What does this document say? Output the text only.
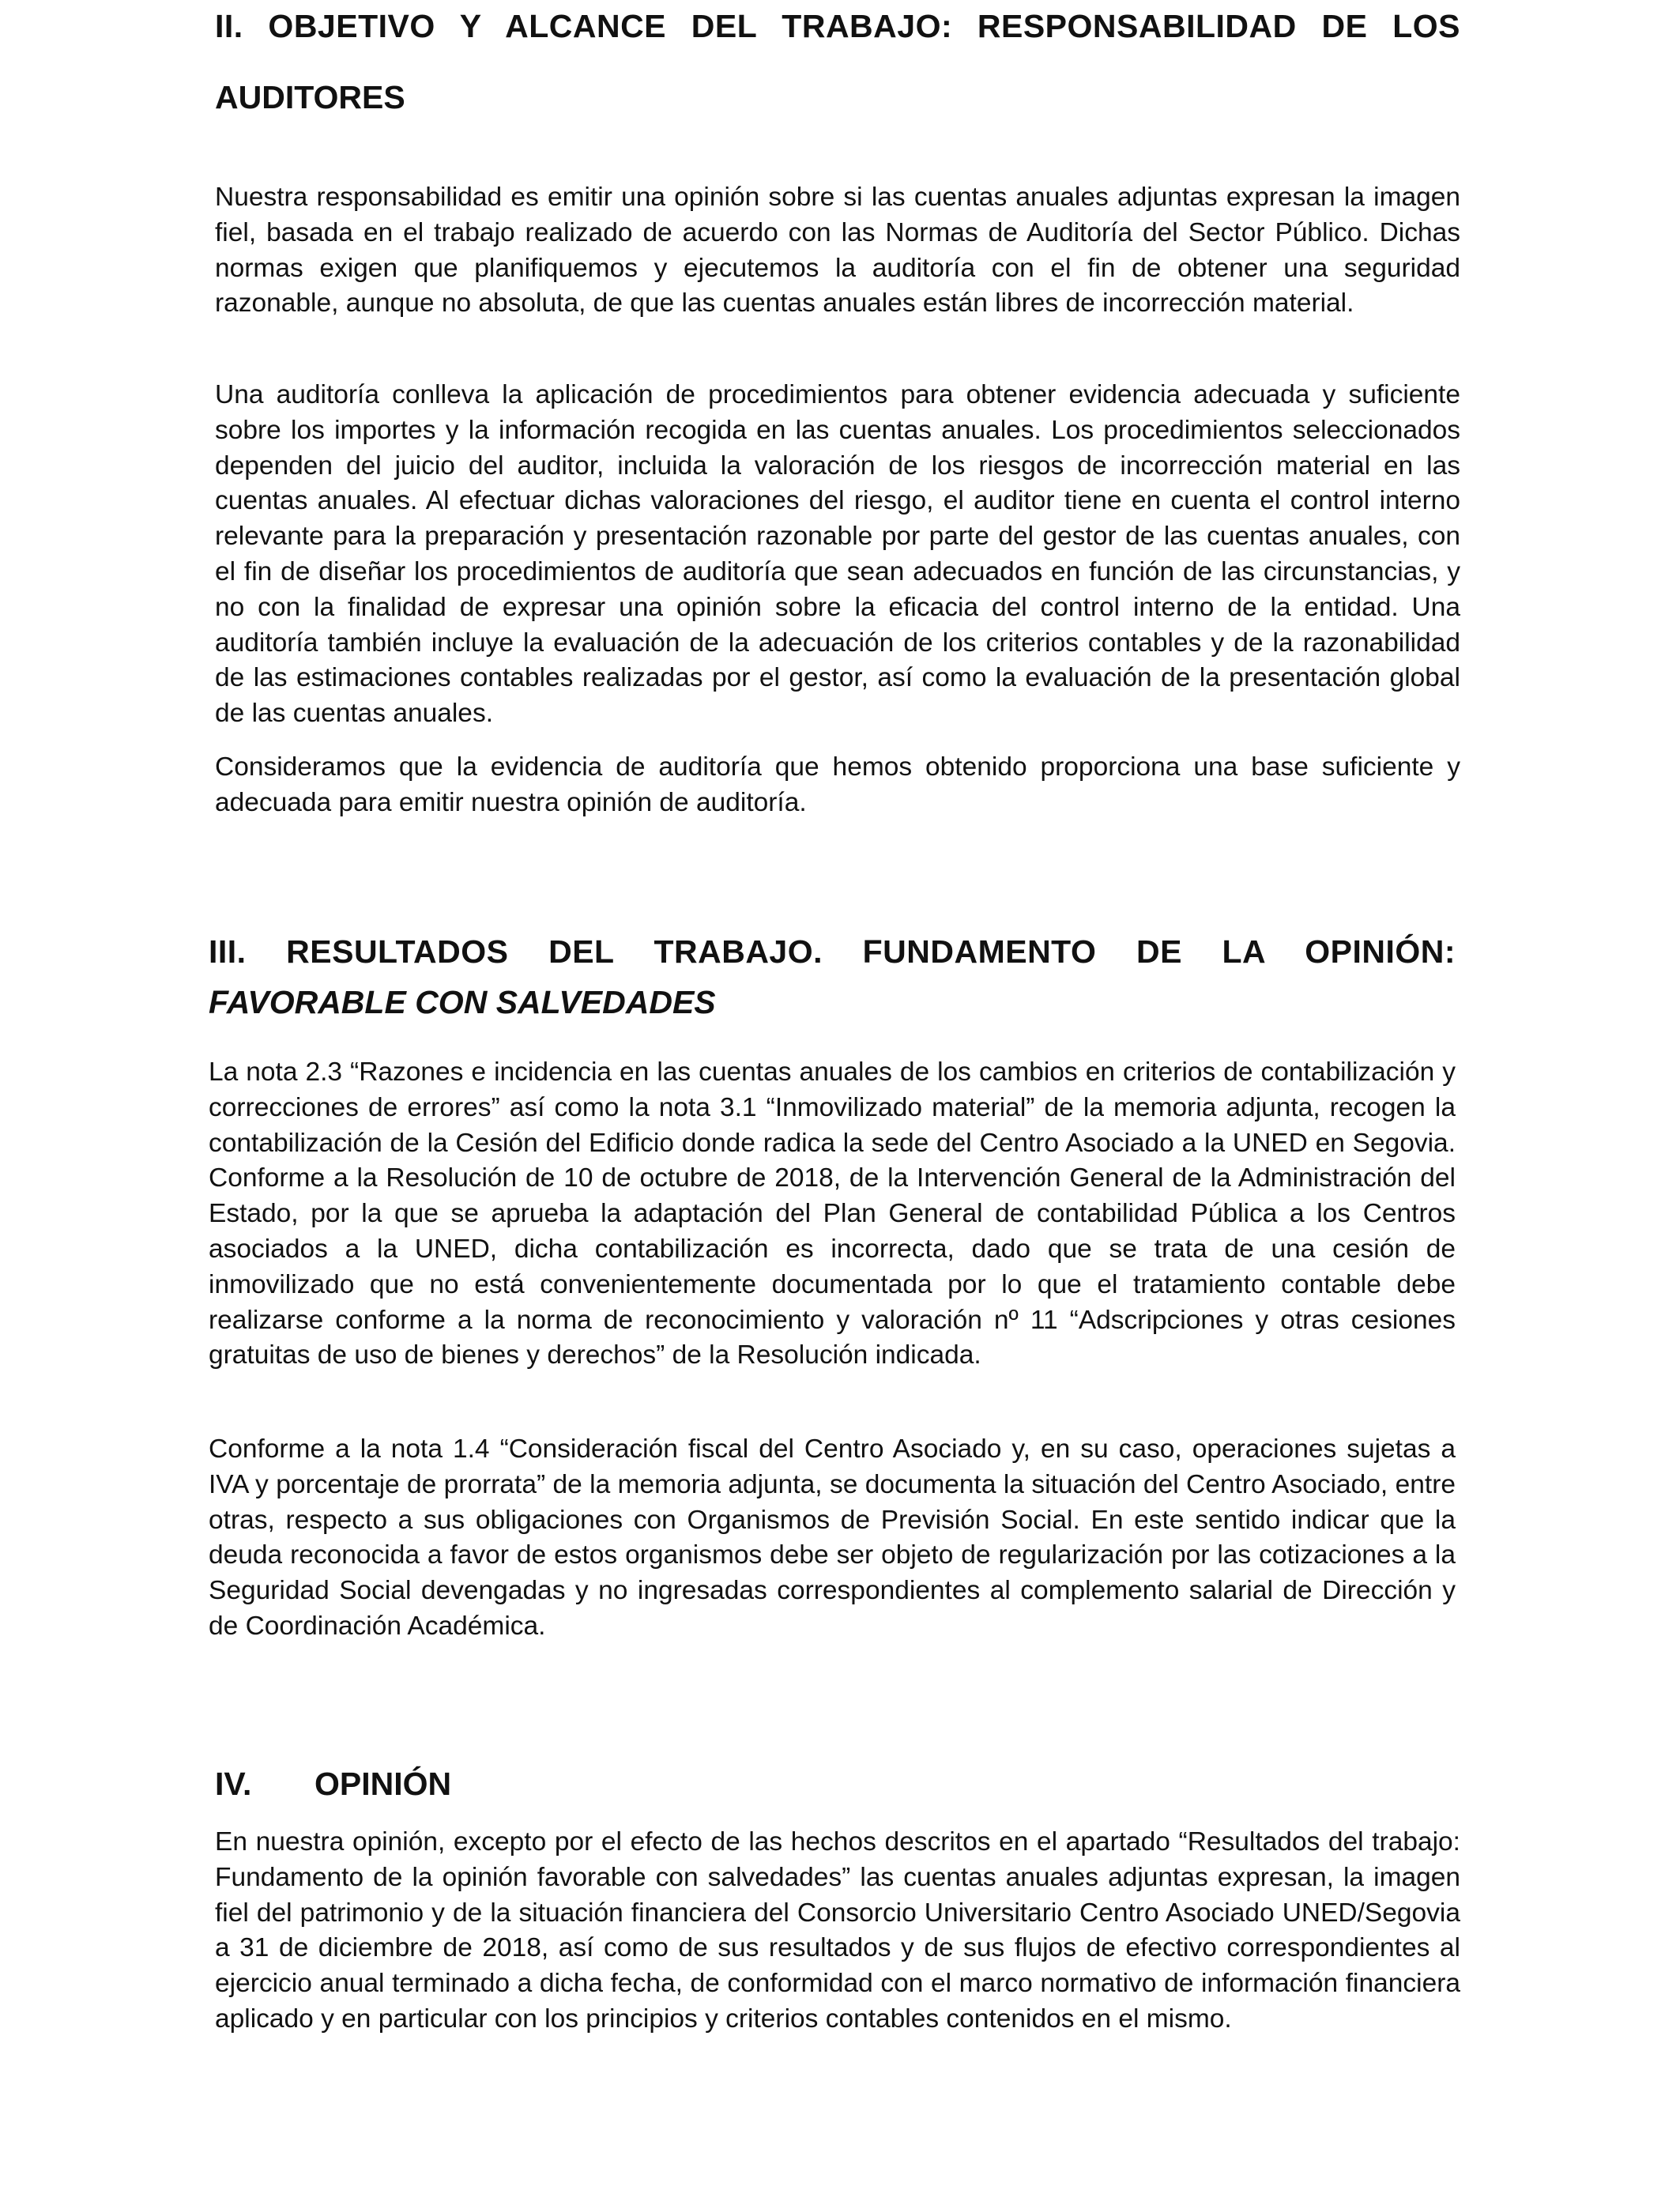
II. OBJETIVO Y ALCANCE DEL TRABAJO: RESPONSABILIDAD DE LOS
AUDITORES

Nuestra responsabilidad es emitir una opinión sobre si las cuentas anuales adjuntas expresan la imagen fiel, basada en el trabajo realizado de acuerdo con las Normas de Auditoría del Sector Público. Dichas normas exigen que planifiquemos y ejecutemos la auditoría con el fin de obtener una seguridad razonable, aunque no absoluta, de que las cuentas anuales están libres de incorrección material.

Una auditoría conlleva la aplicación de procedimientos para obtener evidencia adecuada y suficiente sobre los importes y la información recogida en las cuentas anuales. Los procedimientos seleccionados dependen del juicio del auditor, incluida la valoración de los riesgos de incorrección material en las cuentas anuales. Al efectuar dichas valoraciones del riesgo, el auditor tiene en cuenta el control interno relevante para la preparación y presentación razonable por parte del gestor de las cuentas anuales, con el fin de diseñar los procedimientos de auditoría que sean adecuados en función de las circunstancias, y no con la finalidad de expresar una opinión sobre la eficacia del control interno de la entidad. Una auditoría también incluye la evaluación de la adecuación de los criterios contables y de la razonabilidad de las estimaciones contables realizadas por el gestor, así como la evaluación de la presentación global de las cuentas anuales.

Consideramos que la evidencia de auditoría que hemos obtenido proporciona una base suficiente y adecuada para emitir nuestra opinión de auditoría.

III. RESULTADOS DEL TRABAJO. FUNDAMENTO DE LA OPINIÓN:
FAVORABLE CON SALVEDADES

La nota 2.3 “Razones e incidencia en las cuentas anuales de los cambios en criterios de contabilización y correcciones de errores” así como la nota 3.1 “Inmovilizado material” de la memoria adjunta, recogen la contabilización de la Cesión del Edificio donde radica la sede del Centro Asociado a la UNED en Segovia. Conforme a la Resolución de 10 de octubre de 2018, de la Intervención General de la Administración del Estado, por la que se aprueba la adaptación del Plan General de contabilidad Pública a los Centros asociados a la UNED, dicha contabilización es incorrecta, dado que se trata de una cesión de inmovilizado que no está convenientemente documentada por lo que el tratamiento contable debe realizarse conforme a la norma de reconocimiento y valoración nº 11 “Adscripciones y otras cesiones gratuitas de uso de bienes y derechos” de la Resolución indicada.

Conforme a la nota 1.4 “Consideración fiscal del Centro Asociado y, en su caso, operaciones sujetas a IVA y porcentaje de prorrata” de la memoria adjunta, se documenta la situación del Centro Asociado, entre otras, respecto a sus obligaciones con Organismos de Previsión Social. En este sentido indicar que la deuda reconocida a favor de estos organismos debe ser objeto de regularización por las cotizaciones a la Seguridad Social devengadas y no ingresadas correspondientes al complemento salarial de Dirección y de Coordinación Académica.

IV. OPINIÓN

En nuestra opinión, excepto por el efecto de las hechos descritos en el apartado “Resultados del trabajo: Fundamento de la opinión favorable con salvedades” las cuentas anuales adjuntas expresan, la imagen fiel del patrimonio y de la situación financiera del Consorcio Universitario Centro Asociado UNED/Segovia a 31 de diciembre de 2018, así como de sus resultados y de sus flujos de efectivo correspondientes al ejercicio anual terminado a dicha fecha, de conformidad con el marco normativo de información financiera aplicado y en particular con los principios y criterios contables contenidos en el mismo.
